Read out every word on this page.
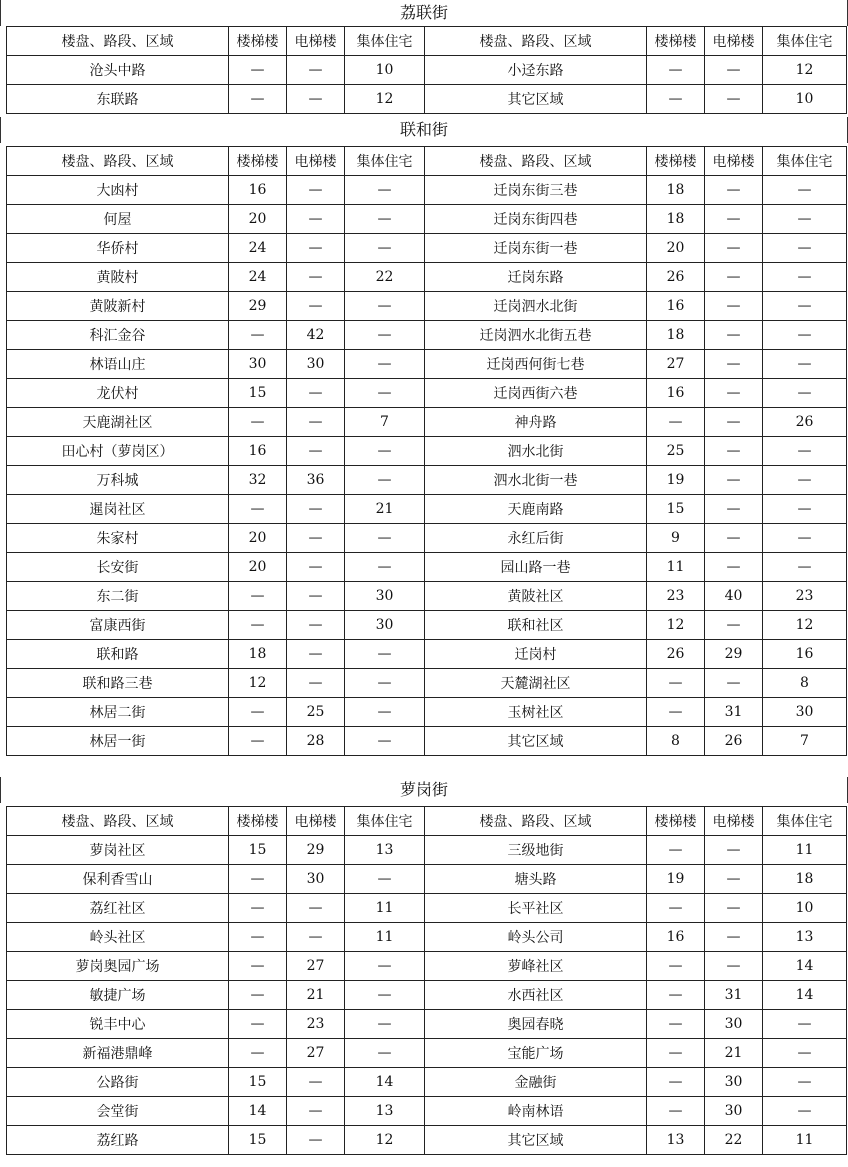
荔联街
楼盘、路段、区域	楼梯楼	电梯楼	集体住宅	楼盘、路段、区域	楼梯楼	电梯楼	集体住宅
沧头中路	—	—	10	小迳东路	—	—	12
东联路	—	—	12	其它区域	—	—	10
联和街
楼盘、路段、区域	楼梯楼	电梯楼	集体住宅	楼盘、路段、区域	楼梯楼	电梯楼	集体住宅
大凼村	16	—	—	迁岗东街三巷	18	—	—
何屋	20	—	—	迁岗东街四巷	18	—	—
华侨村	24	—	—	迁岗东街一巷	20	—	—
黄陂村	24	—	22	迁岗东路	26	—	—
黄陂新村	29	—	—	迁岗泗水北街	16	—	—
科汇金谷	—	42	—	迁岗泗水北街五巷	18	—	—
林语山庄	30	30	—	迁岗西何街七巷	27	—	—
龙伏村	15	—	—	迁岗西街六巷	16	—	—
天鹿湖社区	—	—	7	神舟路	—	—	26
田心村（萝岗区）	16	—	—	泗水北街	25	—	—
万科城	32	36	—	泗水北街一巷	19	—	—
暹岗社区	—	—	21	天鹿南路	15	—	—
朱家村	20	—	—	永红后街	9	—	—
长安街	20	—	—	园山路一巷	11	—	—
东二街	—	—	30	黄陂社区	23	40	23
富康西街	—	—	30	联和社区	12	—	12
联和路	18	—	—	迁岗村	26	29	16
联和路三巷	12	—	—	天麓湖社区	—	—	8
林居二街	—	25	—	玉树社区	—	31	30
林居一街	—	28	—	其它区域	8	26	7
萝岗街
楼盘、路段、区域	楼梯楼	电梯楼	集体住宅	楼盘、路段、区域	楼梯楼	电梯楼	集体住宅
萝岗社区	15	29	13	三级地街	—	—	11
保利香雪山	—	30	—	塘头路	19	—	18
荔红社区	—	—	11	长平社区	—	—	10
岭头社区	—	—	11	岭头公司	16	—	13
萝岗奥园广场	—	27	—	萝峰社区	—	—	14
敏捷广场	—	21	—	水西社区	—	31	14
锐丰中心	—	23	—	奥园春晓	—	30	—
新福港鼎峰	—	27	—	宝能广场	—	21	—
公路街	15	—	14	金融街	—	30	—
会堂街	14	—	13	岭南林语	—	30	—
荔红路	15	—	12	其它区域	13	22	11
